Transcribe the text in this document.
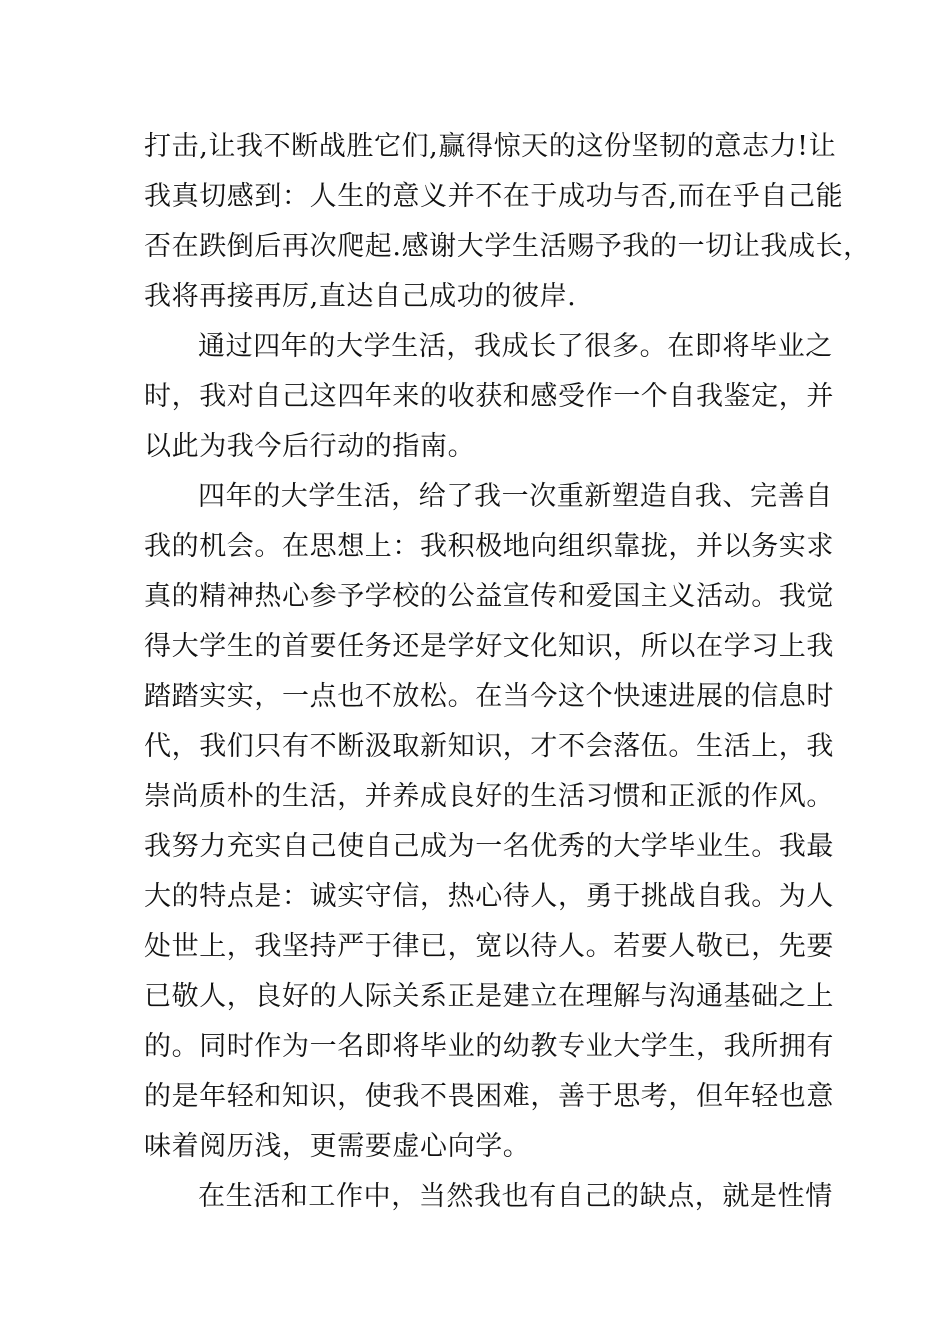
打击,让我不断战胜它们,赢得惊天的这份坚韧的意志力!让
我真切感到：人生的意义并不在于成功与否,而在乎自己能
否在跌倒后再次爬起.感谢大学生活赐予我的一切让我成长，
我将再接再厉,直达自己成功的彼岸.
通过四年的大学生活，我成长了很多。在即将毕业之
时，我对自己这四年来的收获和感受作一个自我鉴定，并
以此为我今后行动的指南。
四年的大学生活，给了我一次重新塑造自我、完善自
我的机会。在思想上：我积极地向组织靠拢，并以务实求
真的精神热心参予学校的公益宣传和爱国主义活动。我觉
得大学生的首要任务还是学好文化知识，所以在学习上我
踏踏实实，一点也不放松。在当今这个快速进展的信息时
代，我们只有不断汲取新知识，才不会落伍。生活上，我
崇尚质朴的生活，并养成良好的生活习惯和正派的作风。
我努力充实自己使自己成为一名优秀的大学毕业生。我最
大的特点是：诚实守信，热心待人，勇于挑战自我。为人
处世上，我坚持严于律已，宽以待人。若要人敬已，先要
已敬人，良好的人际关系正是建立在理解与沟通基础之上
的。同时作为一名即将毕业的幼教专业大学生，我所拥有
的是年轻和知识，使我不畏困难，善于思考，但年轻也意
味着阅历浅，更需要虚心向学。
在生活和工作中，当然我也有自己的缺点，就是性情
